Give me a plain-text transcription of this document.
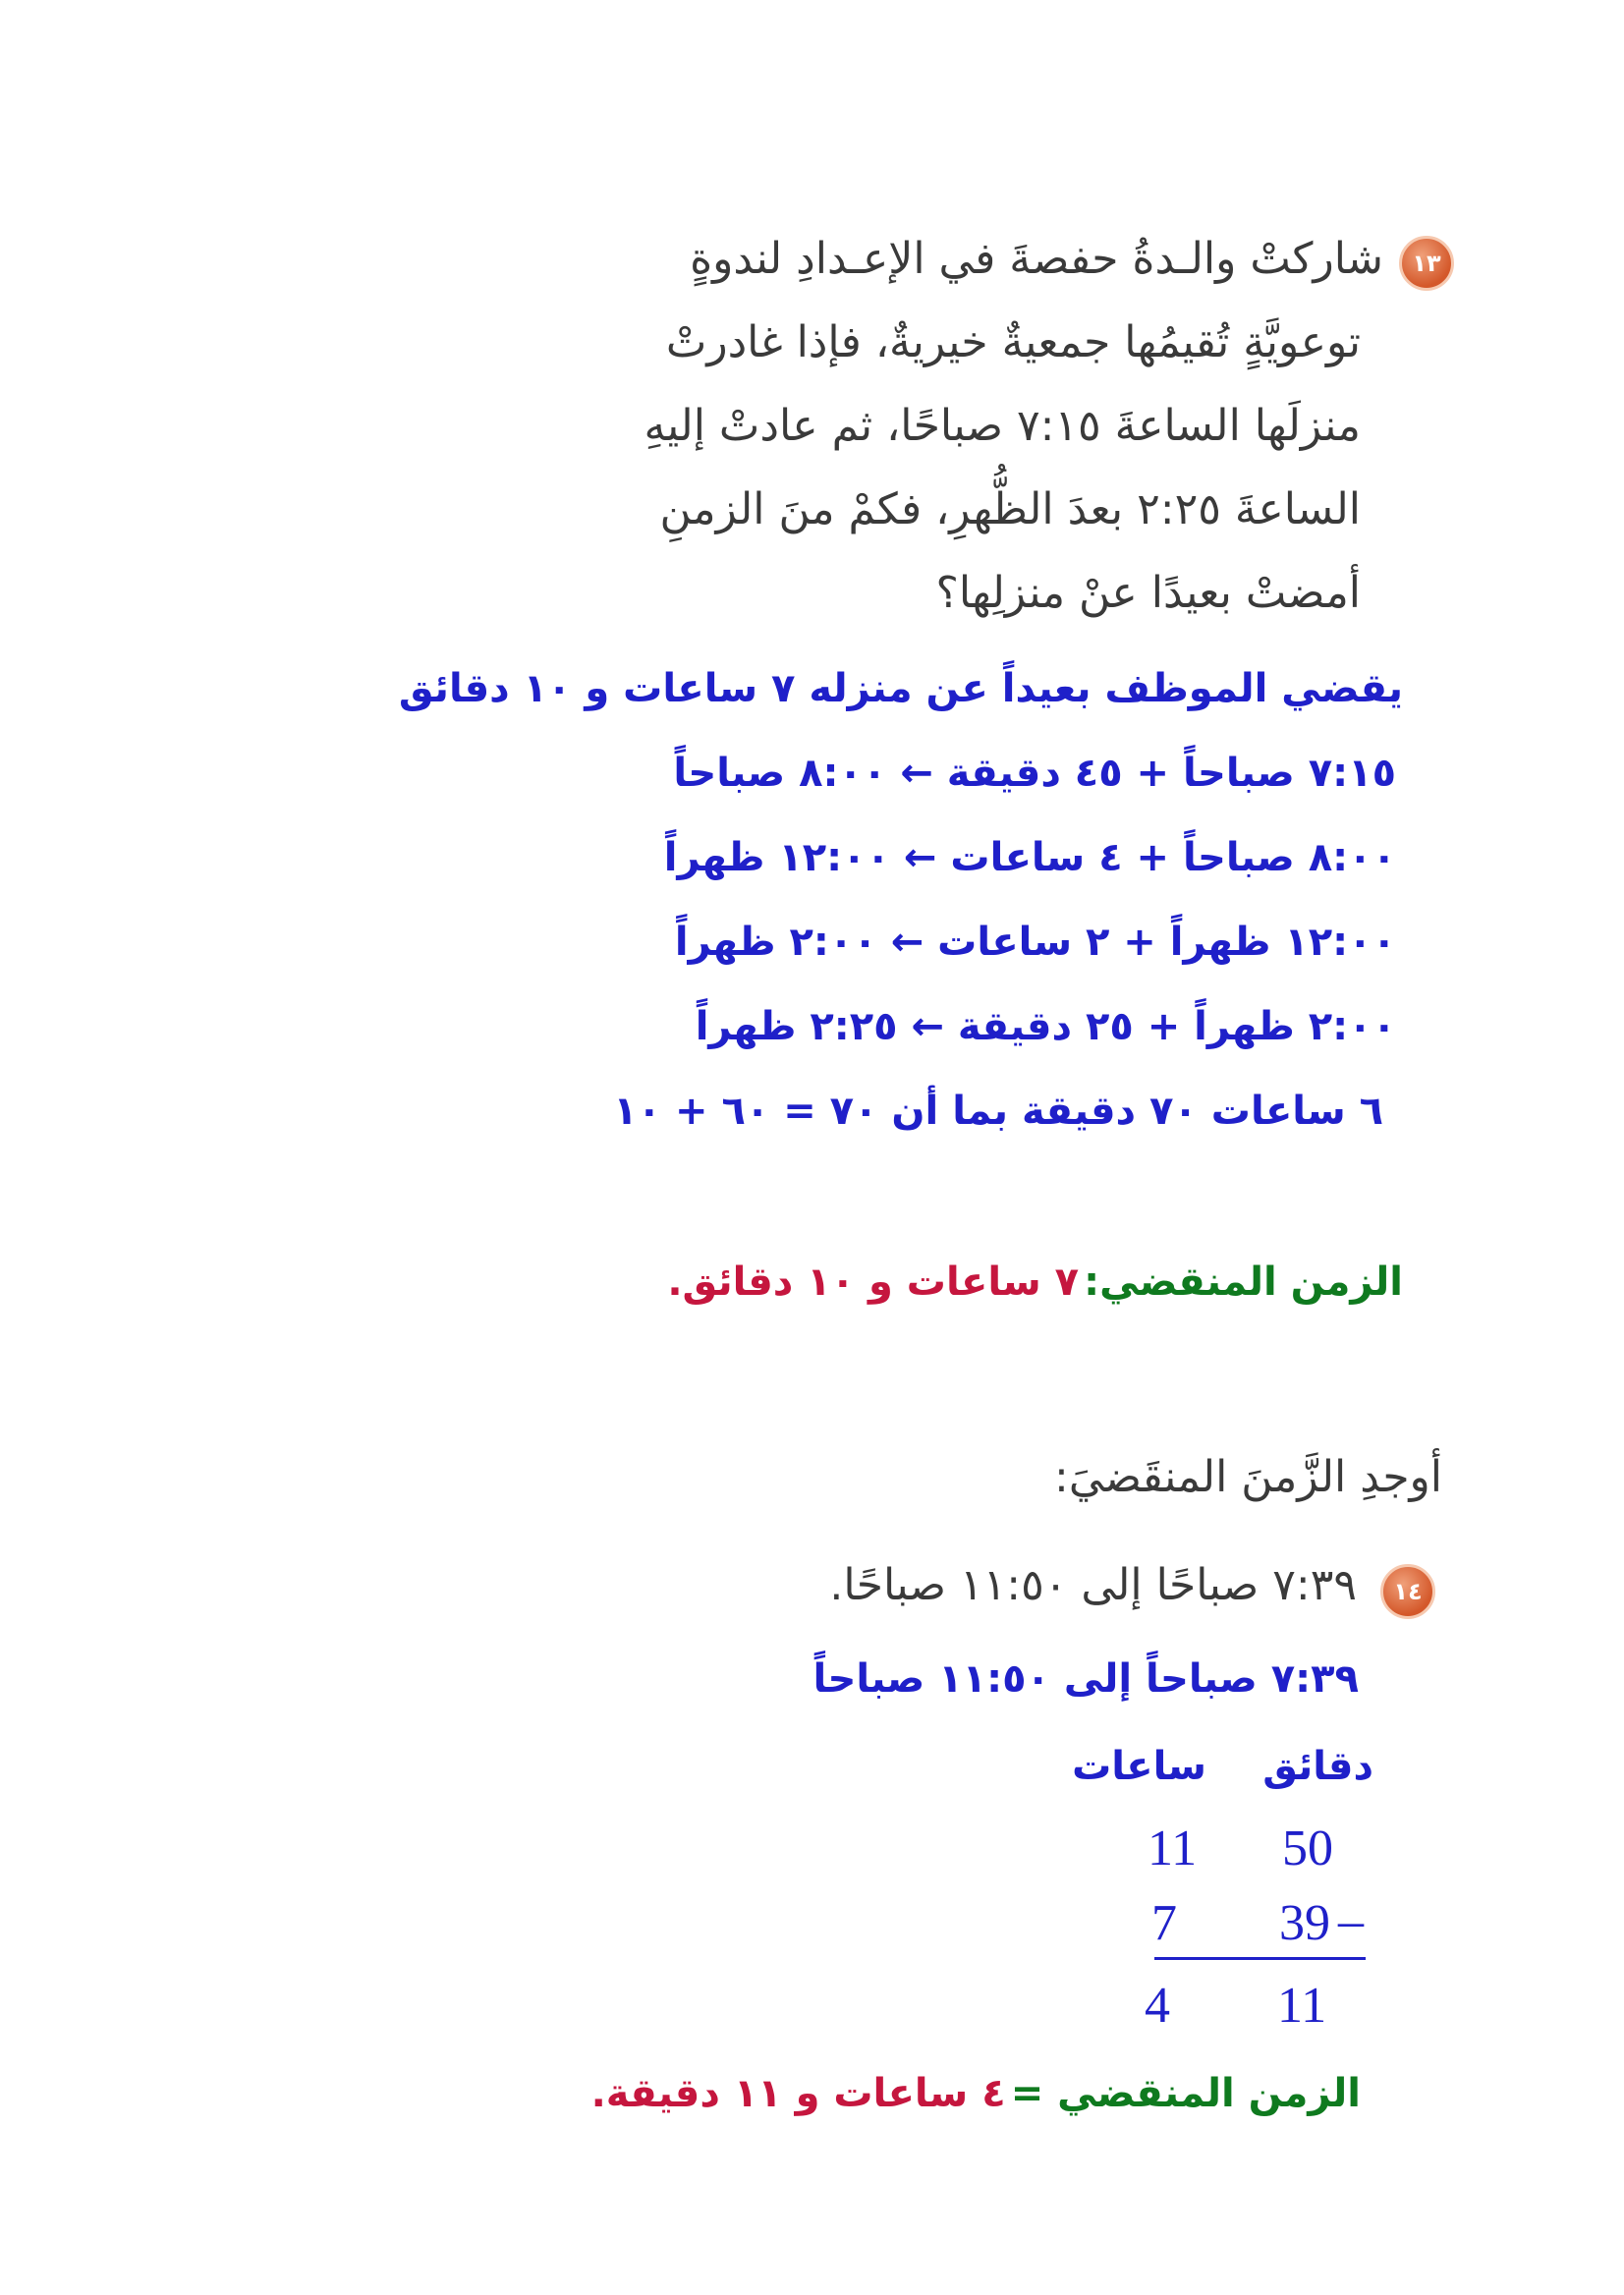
١٣
شاركتْ والـدةُ حفصةَ في الإعـدادِ لندوةٍ
توعويَّةٍ تُقيمُها جمعيةٌ خيريةٌ، فإذا غادرتْ
منزلَها الساعةَ ٧:١٥ صباحًا، ثم عادتْ إليهِ
الساعةَ ٢:٢٥ بعدَ الظُّهرِ، فكمْ منَ الزمنِ
أمضتْ بعيدًا عنْ منزلِها؟
يقضي الموظف بعيداً عن منزله ٧ ساعات و ١٠ دقائق
٧:١٥ صباحاً + ٤٥ دقيقة ← ٨:٠٠ صباحاً
٨:٠٠ صباحاً + ٤ ساعات ← ١٢:٠٠ ظهراً
١٢:٠٠ ظهراً + ٢ ساعات ← ٢:٠٠ ظهراً
٢:٠٠ ظهراً + ٢٥ دقيقة ← ٢:٢٥ ظهراً
٦ ساعات ٧٠ دقيقة بما أن ٧٠ = ٦٠ + ١٠
الزمن المنقضي: ٧ ساعات و ١٠ دقائق.
أوجدِ الزَّمنَ المنقَضيَ:
١٤
٧:٣٩ صباحًا إلى ١١:٥٠ صباحًا.
٧:٣٩ صباحاً إلى ١١:٥٠ صباحاً
دقائق
ساعات
11 50
7 39 –
4 11
الزمن المنقضي = ٤ ساعات و ١١ دقيقة.
